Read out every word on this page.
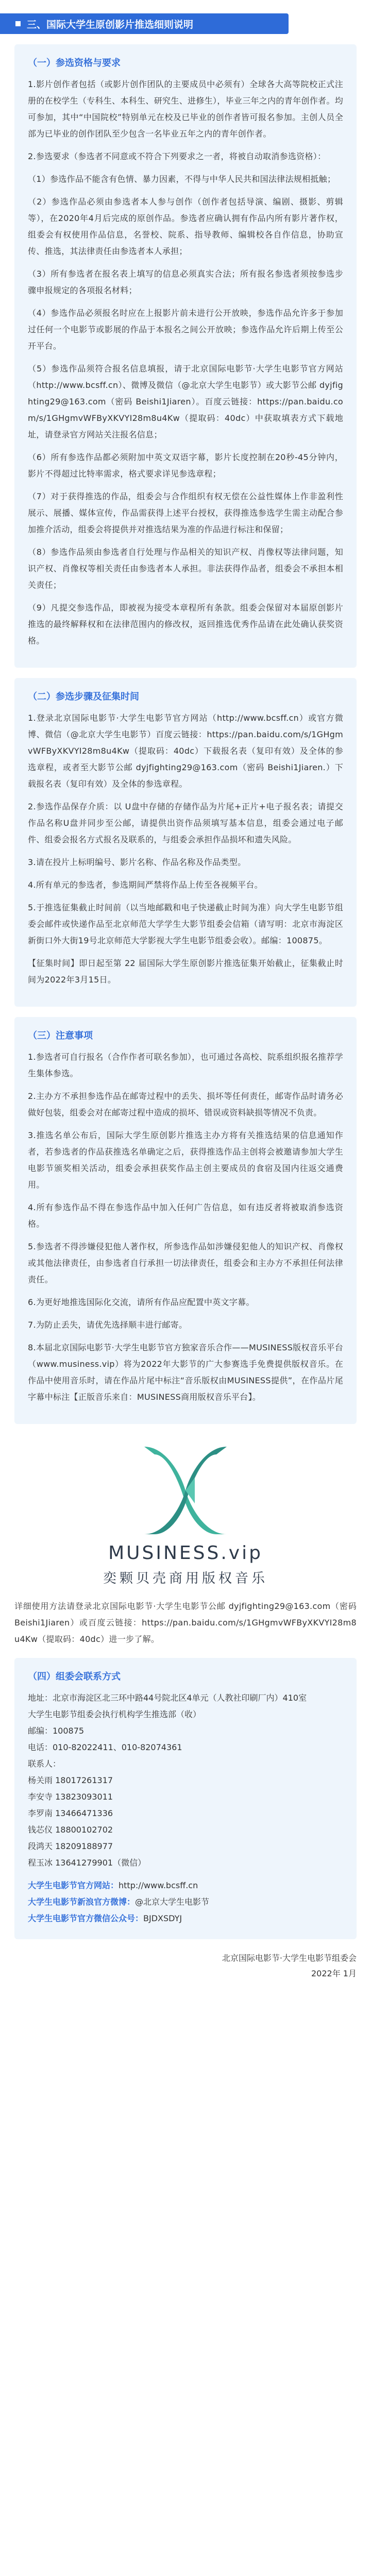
三、国际大学生原创影片推选细则说明
（一）参选资格与要求

1.影片创作者包括（或影片创作团队的主要成员中必须有）全球各大高等院校正式注册的在校学生（专科生、本科生、研究生、进修生），毕业三年之内的青年创作者。均可参加，其中“中国院校”特别单元在校及已毕业的创作者皆可报名参加。主创人员全部为已毕业的创作团队至少包含一名毕业五年之内的青年创作者。

2.参选要求（参选者不同意或不符合下列要求之一者，将被自动取消参选资格）：

（1）参选作品不能含有色情、暴力因素，不得与中华人民共和国法律法规相抵触；

（2）参选作品必须由参选者本人参与创作（创作者包括导演、编剧、摄影、剪辑等），在2020年4月后完成的原创作品。参选者应确认拥有作品内所有影片著作权，组委会有权使用作品信息，名誉校、院系、指导教师、编辑校各自作信息，协助宣传、推选，其法律责任由参选者本人承担；

（3）所有参选者在报名表上填写的信息必须真实合法；所有报名参选者须按参选步骤申报规定的各项报名材料；

（4）参选作品必须报名时应在上报影片前未进行公开放映，参选作品允许多于参加过任何一个电影节或影展的作品于本报名之间公开放映；参选作品允许后期上传至公开平台。

（5）参选作品须符合报名信息填报，请于北京国际电影节·大学生电影节官方网站（http://www.bcsff.cn）、微博及微信（@北京大学生电影节）或大影节公邮 dyjfighting29@163.com（密码 Beishi1Jiaren）。百度云链接：https://pan.baidu.com/s/1GHgmvWFByXKVYI28m8u4Kw（提取码：40dc）中获取填表方式下载地址，请登录官方网站关注报名信息；

（6）所有参选作品都必须附加中英文双语字幕，影片长度控制在20秒-45分钟内，影片不得超过比特率需求，格式要求详见参选章程；

（7）对于获得推选的作品，组委会与合作组织有权无偿在公益性媒体上作非盈利性展示、展播、媒体宣传，作品需获得上述平台授权，获得推选参选学生需主动配合参加推介活动，组委会将提供并对推选结果为准的作品进行标注和保留；

（8）参选作品须由参选者自行处理与作品相关的知识产权、肖像权等法律问题，知识产权、肖像权等相关责任由参选者本人承担。非法获得作品者，组委会不承担本相关责任；

（9）凡提交参选作品，即被视为接受本章程所有条款。组委会保留对本届原创影片推选的最终解释权和在法律范围内的修改权，返回推选优秀作品请在此处确认获奖资格。

（二）参选步骤及征集时间

1.登录北京国际电影节·大学生电影节官方网站（http://www.bcsff.cn）或官方微博、微信（@北京大学生电影节）百度云链接：https://pan.baidu.com/s/1GHgmvWFByXKVYI28m8u4Kw（提取码：40dc）下载报名表（复印有效）及全体的参选章程，或者至大影节公邮 dyjfighting29@163.com（密码 Beishi1Jiaren.）下载报名表（复印有效）及全体的参选章程。

2.参选作品保存介质：以 U盘中存储的存储作品为片尾+正片+电子报名表；请提交作品名称U盘并同步至公邮，请提供出资作品须填写基本信息，组委会通过电子邮件、组委会报名方式报名及联系的，与组委会承担作品损坏和遗失风险。

3.请在投片上标明编号、影片名称、作品名称及作品类型。

4.所有单元的参选者，参选期间严禁将作品上传至各视频平台。

5.于推选征集截止时间前（以当地邮戳和电子快递截止时间为准）向大学生电影节组委会邮件或快递作品至北京师范大学学生大影节组委会信箱（请写明：北京市海淀区新街口外大街19号北京师范大学影视大学生电影节组委会收）。邮编：100875。

【征集时间】即日起至第 22 届国际大学生原创影片推选征集开始截止，征集截止时间为2022年3月15日。

（三）注意事项

1.参选者可自行报名（合作作者可联名参加），也可通过各高校、院系组织报名推荐学生集体参选。

2.主办方不承担参选作品在邮寄过程中的丢失、损坏等任何责任，邮寄作品时请务必做好包装，组委会对在邮寄过程中造成的损坏、错误或资料缺损等情况不负责。

3.推选名单公布后，国际大学生原创影片推选主办方将有关推选结果的信息通知作者，若参选者的作品获推选名单确定之后，获得推选作品主创将会被邀请参加大学生电影节颁奖相关活动，组委会承担获奖作品主创主要成员的食宿及国内往返交通费用。

4.所有参选作品不得在参选作品中加入任何广告信息，如有违反者将被取消参选资格。

5.参选者不得涉嫌侵犯他人著作权，所参选作品如涉嫌侵犯他人的知识产权、肖像权或其他法律责任，由参选者自行承担一切法律责任，组委会和主办方不承担任何法律责任。

6.为更好地推选国际化交流，请所有作品应配置中英文字幕。

7.为防止丢失，请优先选择顺丰进行邮寄。

8.本届北京国际电影节·大学生电影节官方独家音乐合作——MUSINESS版权音乐平台（www.musiness.vip）将为2022年大影节的广大参赛选手免费提供版权音乐。在作品中使用音乐时，请在作品片尾中标注“音乐版权由MUSINESS提供”，在作品片尾字幕中标注【正版音乐来自：MUSINESS商用版权音乐平台】。

MUSINESS.vip
奕颗贝壳商用版权音乐

详细使用方法请登录北京国际电影节·大学生电影节公邮 dyjfighting29@163.com（密码 Beishi1Jiaren）或百度云链接：https://pan.baidu.com/s/1GHgmvWFByXKVYI28m8u4Kw（提取码：40dc）进一步了解。

（四）组委会联系方式

地址：北京市海淀区北三环中路44号院北区4单元（人教社印刷厂内）410室

大学生电影节组委会执行机构学生推选部（收）

邮编：100875

电话：010-82022411、010-82074361

联系人：

杨关雨 18017261317

李安寺 13823093011

李罗南 13466471336

钱芯仪 18800102702

段鸿天 18209188977

程玉冰 13641279901（微信）

大学生电影节官方网站：http://www.bcsff.cn

大学生电影节新浪官方微博：@北京大学生电影节

大学生电影节官方微信公众号：BJDXSDYJ

北京国际电影节·大学生电影节组委会
2022年 1月
